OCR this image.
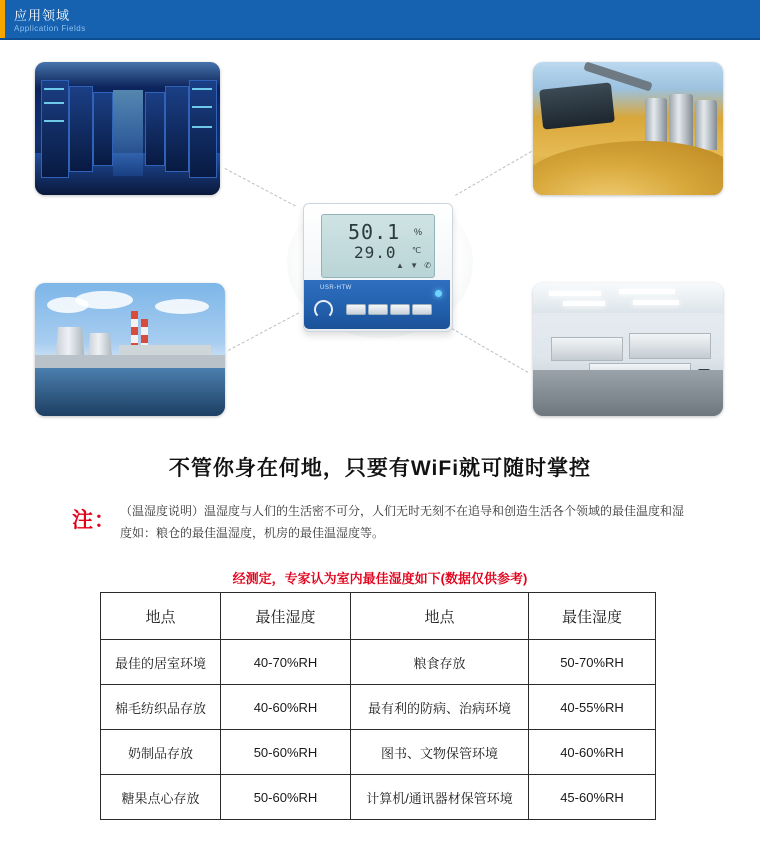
应用领域
Application Fields
50.1 %
29.0 ℃
▲ ▼ ✆
USR-HTW
不管你身在何地，只要有WiFi就可随时掌控
注： （温湿度说明）温湿度与人们的生活密不可分，人们无时无刻不在追导和创造生活各个领域的最佳温度和湿度如：粮仓的最佳温湿度，机房的最佳温湿度等。
经测定，专家认为室内最佳湿度如下(数据仅供参考)
地点	最佳湿度	地点	最佳湿度
最佳的居室环境	40-70%RH	粮食存放	50-70%RH
棉毛纺织品存放	40-60%RH	最有利的防病、治病环境	40-55%RH
奶制品存放	50-60%RH	图书、文物保管环境	40-60%RH
糖果点心存放	50-60%RH	计算机/通讯器材保管环境	45-60%RH
